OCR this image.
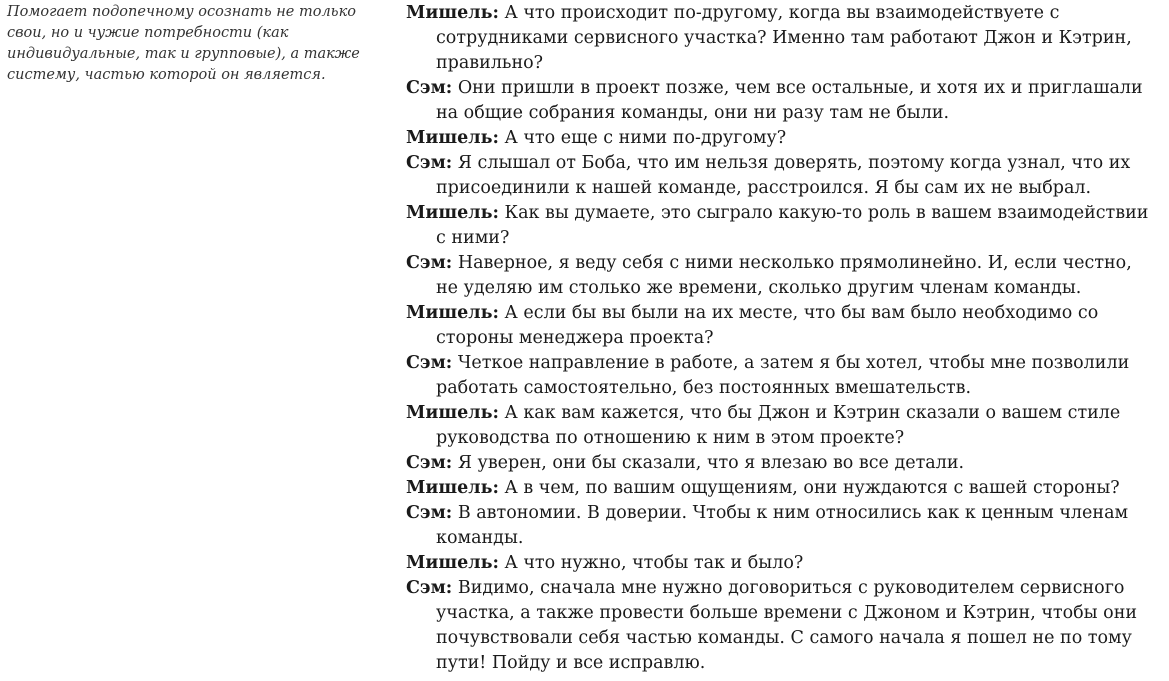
Помогает подопечному осознать не только свои, но и чужие потребности (как индивидуальные, так и групповые), а также систему, частью которой он является.

Мишель: А что происходит по-другому, когда вы взаимодействуете с сотрудниками сервисного участка? Именно там работают Джон и Кэтрин, правильно?

Сэм: Они пришли в проект позже, чем все остальные, и хотя их и приглашали на общие собрания команды, они ни разу там не были.

Мишель: А что еще с ними по-другому?

Сэм: Я слышал от Боба, что им нельзя доверять, поэтому когда узнал, что их присоединили к нашей команде, расстроился. Я бы сам их не выбрал.

Мишель: Как вы думаете, это сыграло какую-то роль в вашем взаимодействии с ними?

Сэм: Наверное, я веду себя с ними несколько прямолинейно. И, если честно, не уделяю им столько же времени, сколько другим членам команды.

Мишель: А если бы вы были на их месте, что бы вам было необходимо со стороны менеджера проекта?

Сэм: Четкое направление в работе, а затем я бы хотел, чтобы мне позволили работать самостоятельно, без постоянных вмешательств.

Мишель: А как вам кажется, что бы Джон и Кэтрин сказали о вашем стиле руководства по отношению к ним в этом проекте?

Сэм: Я уверен, они бы сказали, что я влезаю во все детали.

Мишель: А в чем, по вашим ощущениям, они нуждаются с вашей стороны?

Сэм: В автономии. В доверии. Чтобы к ним относились как к ценным членам команды.

Мишель: А что нужно, чтобы так и было?

Сэм: Видимо, сначала мне нужно договориться с руководителем сервисного участка, а также провести больше времени с Джоном и Кэтрин, чтобы они почувствовали себя частью команды. С самого начала я пошел не по тому пути! Пойду и все исправлю.
